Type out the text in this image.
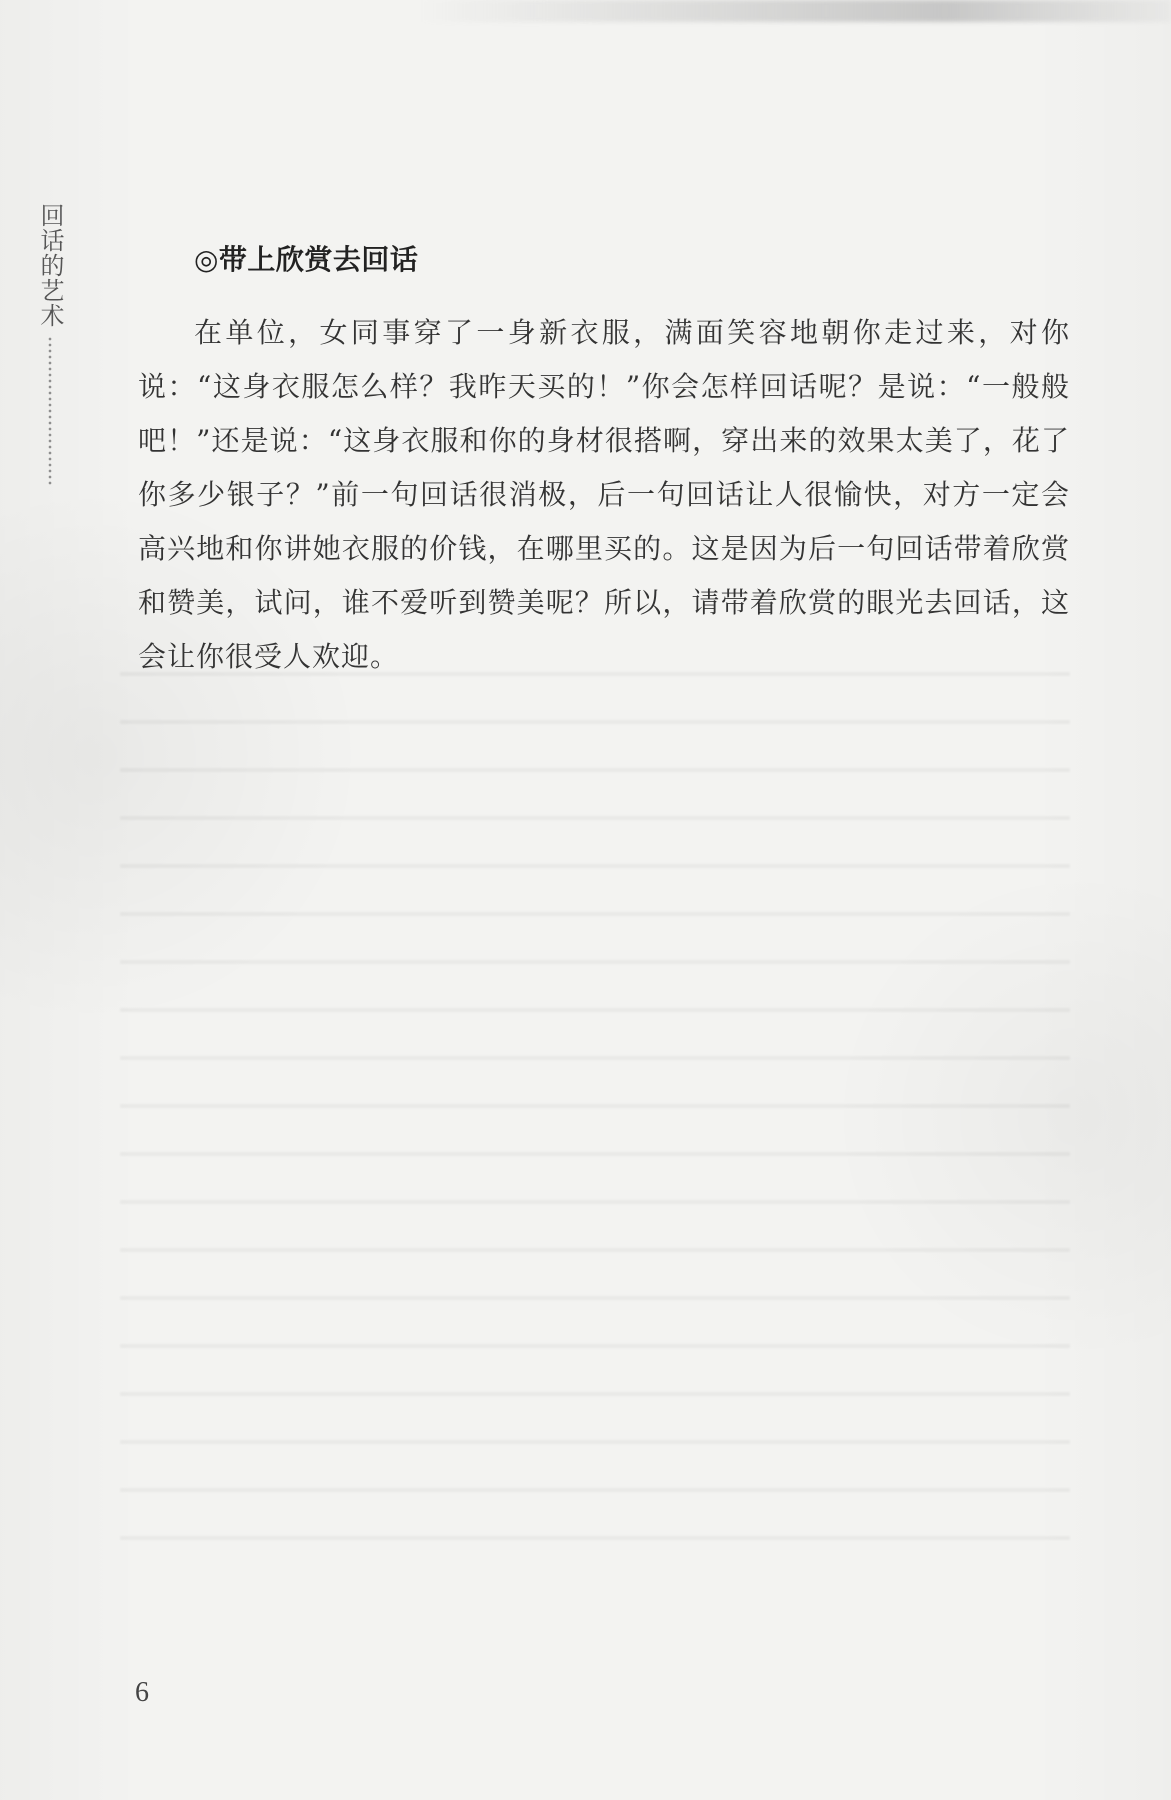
回话的艺术	◎带上欣赏去回话

在单位，女同事穿了一身新衣服，满面笑容地朝你走过来，对你说：“这身衣服怎么样？我昨天买的！”你会怎样回话呢？是说：“一般般吧！”还是说：“这身衣服和你的身材很搭啊，穿出来的效果太美了，花了你多少银子？”前一句回话很消极，后一句回话让人很愉快，对方一定会高兴地和你讲她衣服的价钱，在哪里买的。这是因为后一句回话带着欣赏和赞美，试问，谁不爱听到赞美呢？所以，请带着欣赏的眼光去回话，这会让你很受人欢迎。

6
